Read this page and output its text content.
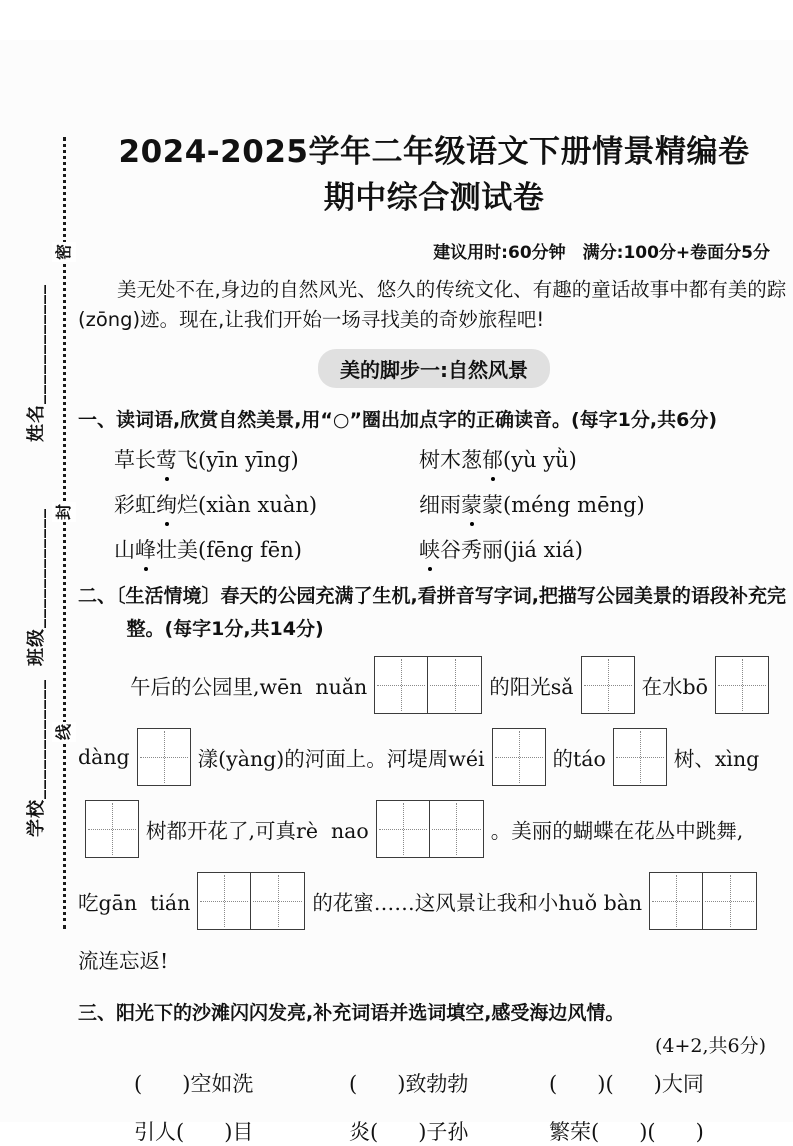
密
封
线
姓名____________
班级____________
学校____________
2024-2025学年二年级语文下册情景精编卷
期中综合测试卷
建议用时:60分钟　满分:100分+卷面分5分
美无处不在,身边的自然风光、悠久的传统文化、有趣的童话故事中都有美的踪(zōng)迹。现在,让我们开始一场寻找美的奇妙旅程吧!
美的脚步一:自然风景
一、读词语,欣赏自然美景,用“○”圈出加点字的正确读音。(每字1分,共6分)
草长莺飞(yīn yīng)	树木葱郁(yù yǜ)
彩虹绚烂(xiàn xuàn)	细雨蒙蒙(méng mēng)
山峰壮美(fēng fēn)	峡谷秀丽(jiá xiá)
二、〔生活情境〕春天的公园充满了生机,看拼音写字词,把描写公园美景的语段补充完整。(每字1分,共14分)
午后的公园里,wēn  nuǎn	的阳光sǎ	在水bō
dàng	漾(yàng)的河面上。河堤周wéi	的táo	树、xìng
树都开花了,可真rè  nao	。美丽的蝴蝶在花丛中跳舞,
吃gān  tián	的花蜜……这风景让我和小huǒ bàn
流连忘返!
三、阳光下的沙滩闪闪发亮,补充词语并选词填空,感受海边风情。
(4+2,共6分)
(      )空如洗	(      )致勃勃	(      )(      )大同
引人(      )目	炎(      )子孙	繁荣(      )(      )
